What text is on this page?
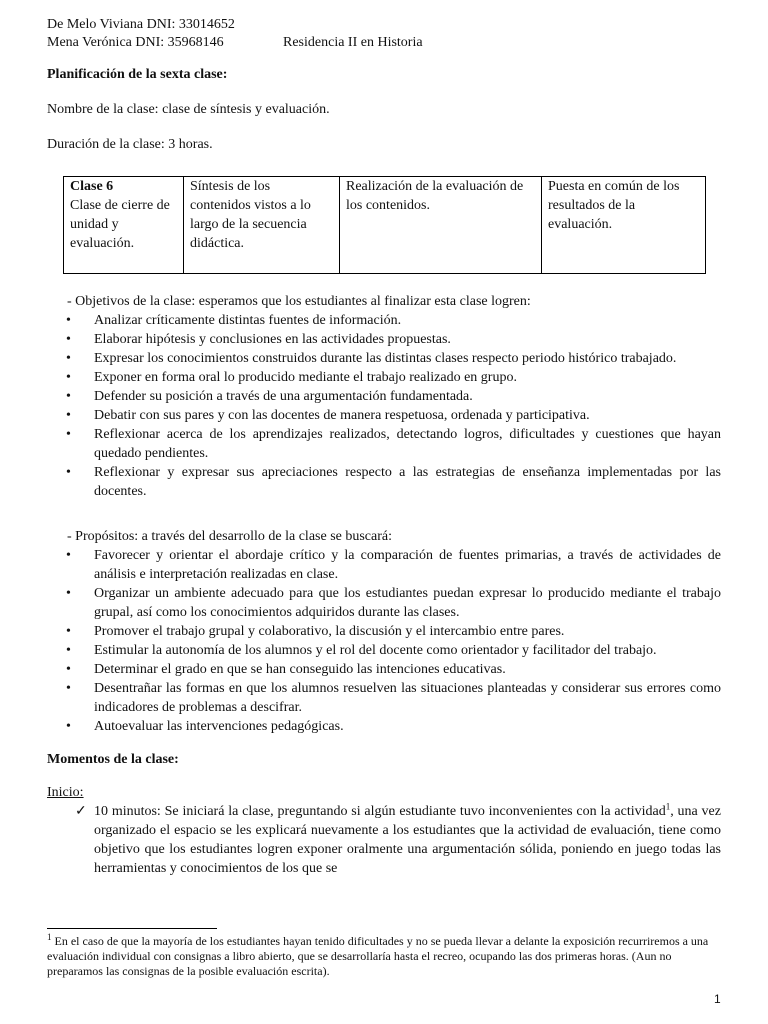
De Melo Viviana DNI: 33014652
Mena Verónica DNI: 35968146	Residencia II en Historia

Planificación de la sexta clase:

Nombre de la clase: clase de síntesis y evaluación.

Duración de la clase: 3 horas.

Clase 6
Clase de cierre de unidad y evaluación.
	Síntesis de los contenidos vistos a lo largo de la secuencia didáctica.	Realización de la evaluación de los contenidos.	Puesta en común de los resultados de la evaluación.
- Objetivos de la clase: esperamos que los estudiantes al finalizar esta clase logren:
• Analizar críticamente distintas fuentes de información.
• Elaborar hipótesis y conclusiones en las actividades propuestas.
• Expresar los conocimientos construidos durante las distintas clases respecto periodo histórico trabajado.
• Exponer en forma oral lo producido mediante el trabajo realizado en grupo.
• Defender su posición a través de una argumentación fundamentada.
• Debatir con sus pares y con las docentes de manera respetuosa, ordenada y participativa.
• Reflexionar acerca de los aprendizajes realizados, detectando logros, dificultades y cuestiones que hayan quedado pendientes.
• Reflexionar y expresar sus apreciaciones respecto a las estrategias de enseñanza implementadas por las docentes.
- Propósitos: a través del desarrollo de la clase se buscará:
• Favorecer y orientar el abordaje crítico y la comparación de fuentes primarias, a través de actividades de análisis e interpretación realizadas en clase.
• Organizar un ambiente adecuado para que los estudiantes puedan expresar lo producido mediante el trabajo grupal, así como los conocimientos adquiridos durante las clases.
• Promover el trabajo grupal y colaborativo, la discusión y el intercambio entre pares.
• Estimular la autonomía de los alumnos y el rol del docente como orientador y facilitador del trabajo.
• Determinar el grado en que se han conseguido las intenciones educativas.
• Desentrañar las formas en que los alumnos resuelven las situaciones planteadas y considerar sus errores como indicadores de problemas a descifrar.
• Autoevaluar las intervenciones pedagógicas.

Momentos de la clase:

Inicio:

✓ 10 minutos: Se iniciará la clase, preguntando si algún estudiante tuvo inconvenientes con la actividad$^1$, una vez organizado el espacio se les explicará nuevamente a los estudiantes que la actividad de evaluación, tiene como objetivo que los estudiantes logren exponer oralmente una argumentación sólida, poniendo en juego todas las herramientas y conocimientos de los que se
$^1$ En el caso de que la mayoría de los estudiantes hayan tenido dificultades y no se pueda llevar a delante la exposición recurriremos a una evaluación individual con consignas a libro abierto, que se desarrollaría hasta el recreo, ocupando las dos primeras horas. (Aun no preparamos las consignas de la posible evaluación escrita).
1
